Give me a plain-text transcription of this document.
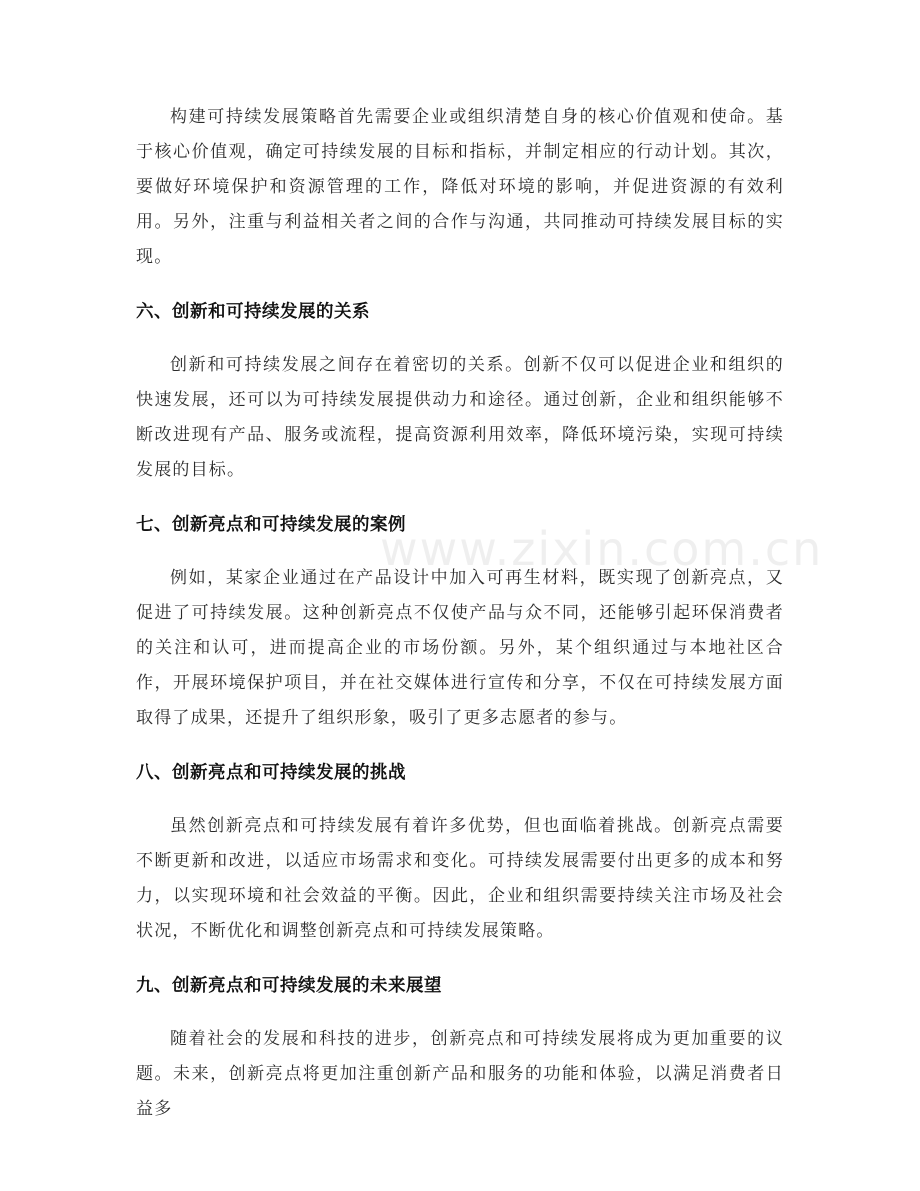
www.zixin.com.cn

构建可持续发展策略首先需要企业或组织清楚自身的核心价值观和使命。基于核心价值观，确定可持续发展的目标和指标，并制定相应的行动计划。其次，要做好环境保护和资源管理的工作，降低对环境的影响，并促进资源的有效利用。另外，注重与利益相关者之间的合作与沟通，共同推动可持续发展目标的实现。

六、创新和可持续发展的关系

创新和可持续发展之间存在着密切的关系。创新不仅可以促进企业和组织的快速发展，还可以为可持续发展提供动力和途径。通过创新，企业和组织能够不断改进现有产品、服务或流程，提高资源利用效率，降低环境污染，实现可持续发展的目标。

七、创新亮点和可持续发展的案例

例如，某家企业通过在产品设计中加入可再生材料，既实现了创新亮点，又促进了可持续发展。这种创新亮点不仅使产品与众不同，还能够引起环保消费者的关注和认可，进而提高企业的市场份额。另外，某个组织通过与本地社区合作，开展环境保护项目，并在社交媒体进行宣传和分享，不仅在可持续发展方面取得了成果，还提升了组织形象，吸引了更多志愿者的参与。

八、创新亮点和可持续发展的挑战

虽然创新亮点和可持续发展有着许多优势，但也面临着挑战。创新亮点需要不断更新和改进，以适应市场需求和变化。可持续发展需要付出更多的成本和努力，以实现环境和社会效益的平衡。因此，企业和组织需要持续关注市场及社会状况，不断优化和调整创新亮点和可持续发展策略。

九、创新亮点和可持续发展的未来展望

随着社会的发展和科技的进步，创新亮点和可持续发展将成为更加重要的议题。未来，创新亮点将更加注重创新产品和服务的功能和体验，以满足消费者日益多
